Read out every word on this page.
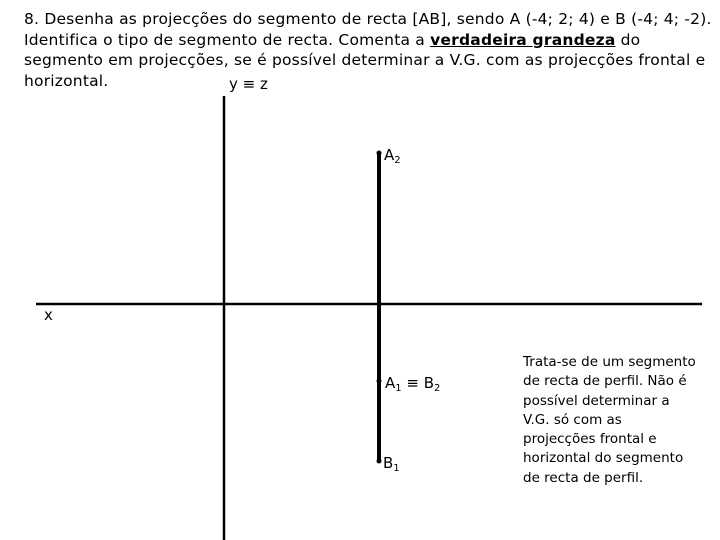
8. Desenha as projecções do segmento de recta [AB], sendo A (-4; 2; 4) e B (-4; 4; -2). Identifica o tipo de segmento de recta. Comenta a verdadeira grandeza do segmento em projecções, se é possível determinar a V.G. com as projecções frontal e horizontal.	y ≡ z
x
$A_2$
$A_1 \equiv B_2$
$B_1$
Trata-se de um segmento de recta de perfil. Não é possível determinar a V.G. só com as projecções frontal e horizontal do segmento de recta de perfil.
